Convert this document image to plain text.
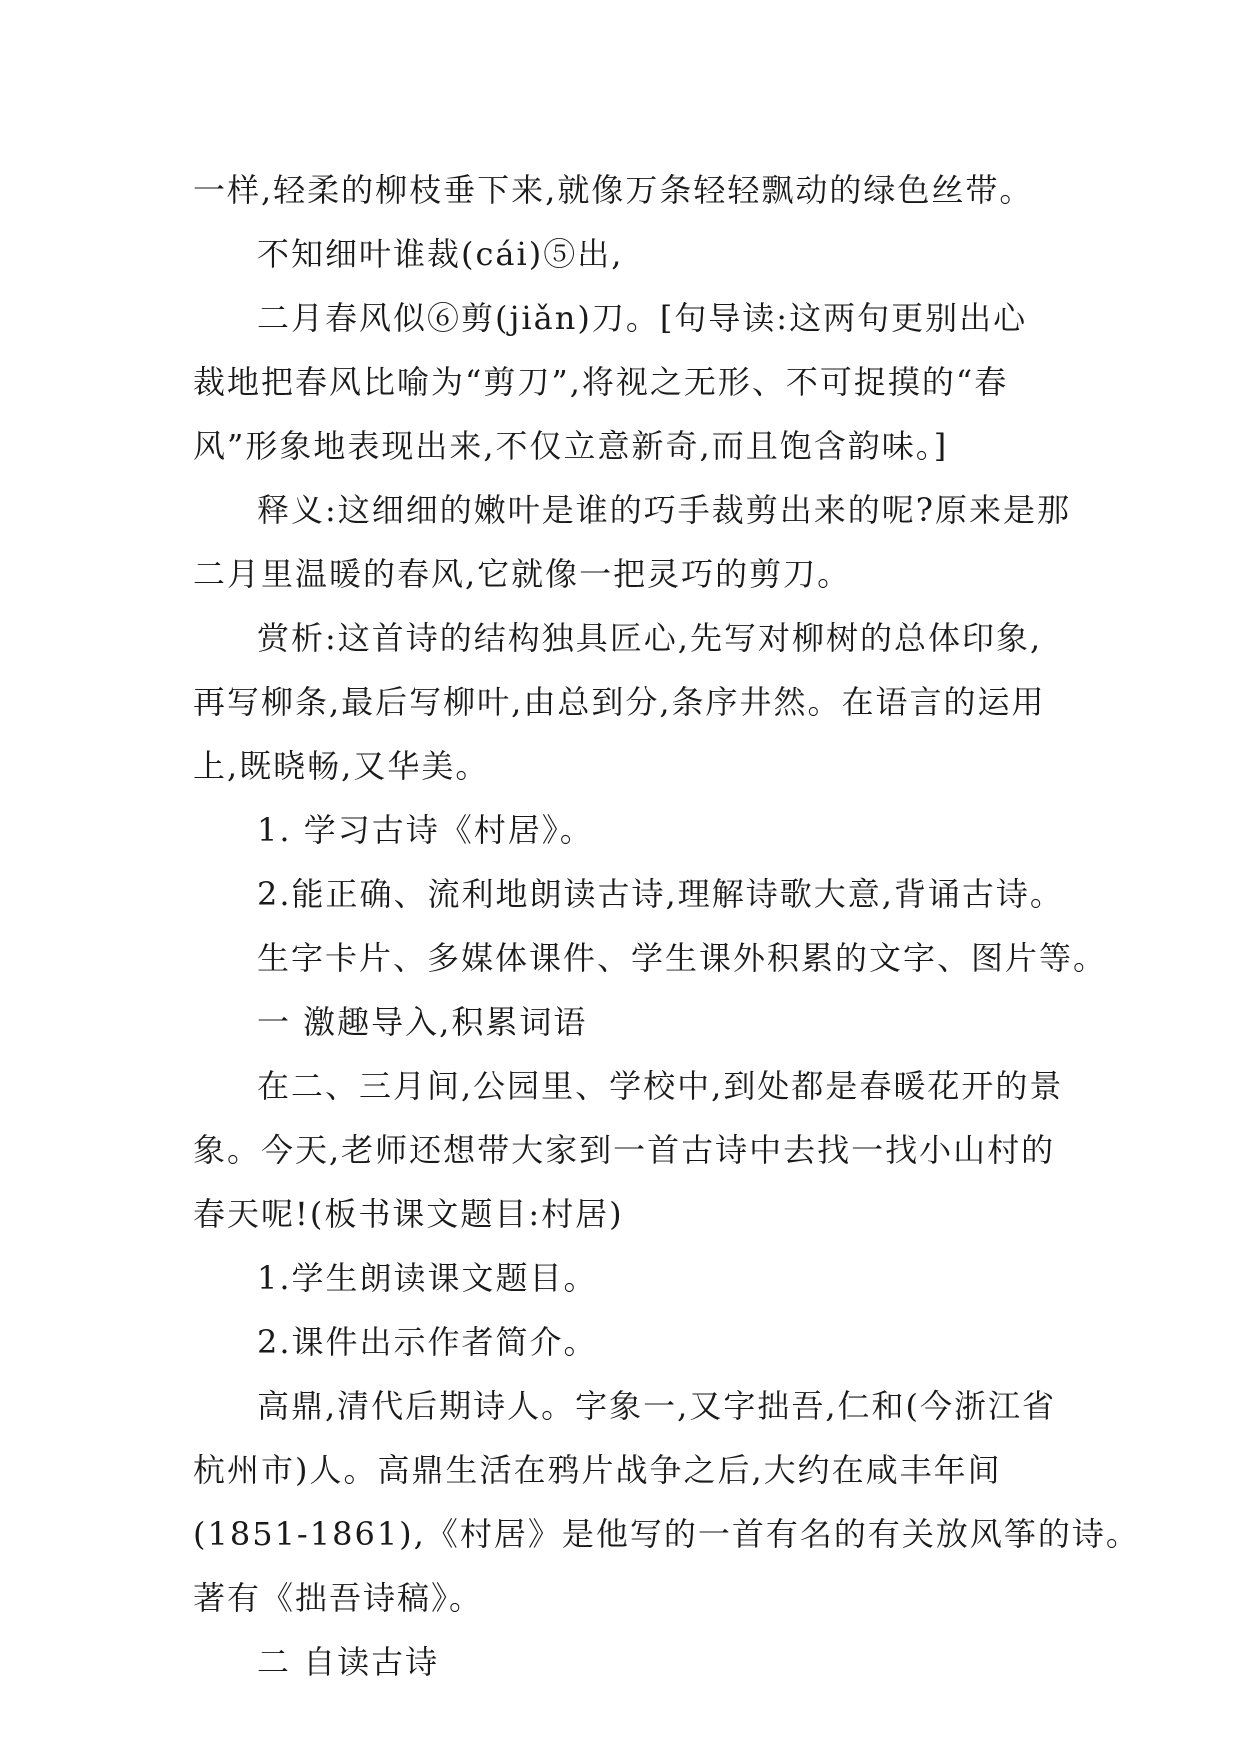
一样,轻柔的柳枝垂下来,就像万条轻轻飘动的绿色丝带。
不知细叶谁裁(cái)⑤出,
二月春风似⑥剪(jiǎn)刀。[句导读:这两句更别出心
裁地把春风比喻为“剪刀”,将视之无形、不可捉摸的“春
风”形象地表现出来,不仅立意新奇,而且饱含韵味。]
释义:这细细的嫩叶是谁的巧手裁剪出来的呢?原来是那
二月里温暖的春风,它就像一把灵巧的剪刀。
赏析:这首诗的结构独具匠心,先写对柳树的总体印象,
再写柳条,最后写柳叶,由总到分,条序井然。在语言的运用
上,既晓畅,又华美。
1. 学习古诗《村居》。
2.能正确、流利地朗读古诗,理解诗歌大意,背诵古诗。
生字卡片、多媒体课件、学生课外积累的文字、图片等。
一 激趣导入,积累词语
在二、三月间,公园里、学校中,到处都是春暖花开的景
象。今天,老师还想带大家到一首古诗中去找一找小山村的
春天呢!(板书课文题目:村居)
1.学生朗读课文题目。
2.课件出示作者简介。
高鼎,清代后期诗人。字象一,又字拙吾,仁和(今浙江省
杭州市)人。高鼎生活在鸦片战争之后,大约在咸丰年间
(1851-1861),《村居》是他写的一首有名的有关放风筝的诗。
著有《拙吾诗稿》。
二 自读古诗
